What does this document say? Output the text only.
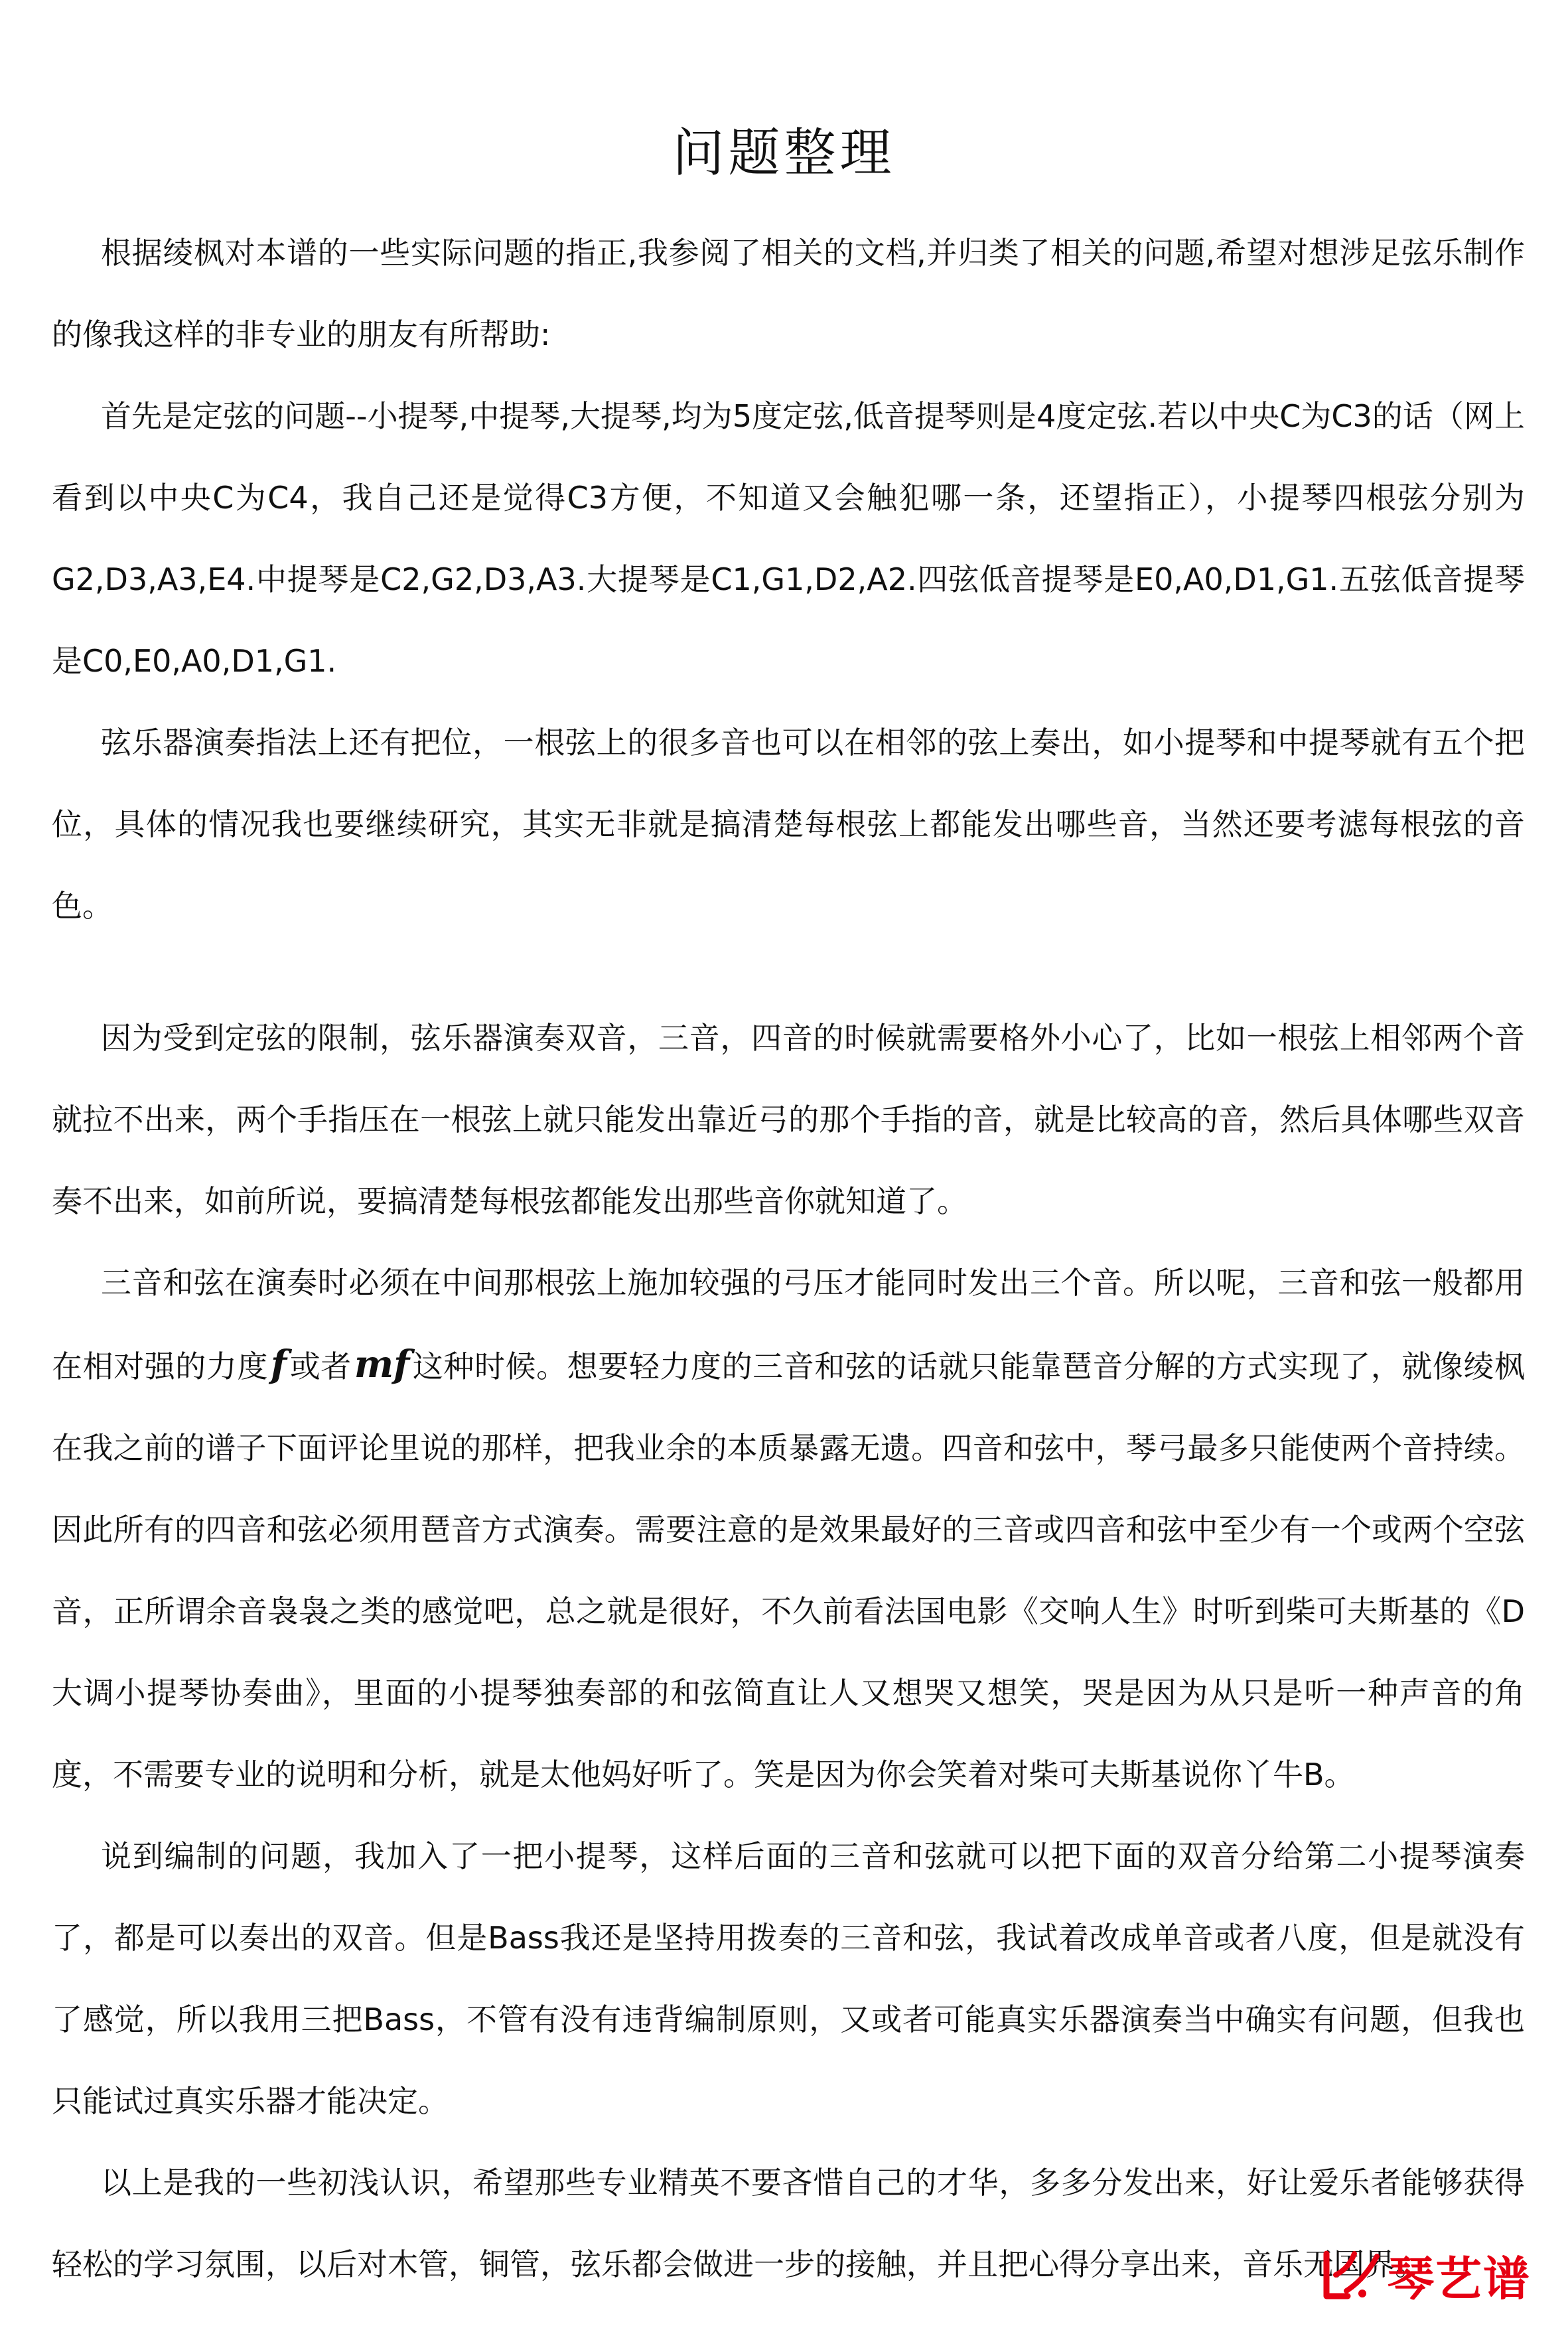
问题整理

根据绫枫对本谱的一些实际问题的指正,我参阅了相关的文档,并归类了相关的问题,希望对想涉足弦乐制作的像我这样的非专业的朋友有所帮助:

首先是定弦的问题--小提琴,中提琴,大提琴,均为5度定弦,低音提琴则是4度定弦.若以中央C为C3的话（网上看到以中央C为C4，我自己还是觉得C3方便，不知道又会触犯哪一条，还望指正），小提琴四根弦分别为G2,D3,A3,E4.中提琴是C2,G2,D3,A3.大提琴是C1,G1,D2,A2.四弦低音提琴是E0,A0,D1,G1.五弦低音提琴是C0,E0,A0,D1,G1.

弦乐器演奏指法上还有把位，一根弦上的很多音也可以在相邻的弦上奏出，如小提琴和中提琴就有五个把位，具体的情况我也要继续研究，其实无非就是搞清楚每根弦上都能发出哪些音，当然还要考滤每根弦的音色。

因为受到定弦的限制，弦乐器演奏双音，三音，四音的时候就需要格外小心了，比如一根弦上相邻两个音就拉不出来，两个手指压在一根弦上就只能发出靠近弓的那个手指的音，就是比较高的音，然后具体哪些双音奏不出来，如前所说，要搞清楚每根弦都能发出那些音你就知道了。

三音和弦在演奏时必须在中间那根弦上施加较强的弓压才能同时发出三个音。所以呢，三音和弦一般都用在相对强的力度f或者mf这种时候。想要轻力度的三音和弦的话就只能靠琶音分解的方式实现了，就像绫枫在我之前的谱子下面评论里说的那样，把我业余的本质暴露无遗。四音和弦中，琴弓最多只能使两个音持续。因此所有的四音和弦必须用琶音方式演奏。需要注意的是效果最好的三音或四音和弦中至少有一个或两个空弦音，正所谓余音袅袅之类的感觉吧，总之就是很好，不久前看法国电影《交响人生》时听到柴可夫斯基的《D大调小提琴协奏曲》，里面的小提琴独奏部的和弦简直让人又想哭又想笑，哭是因为从只是听一种声音的角度，不需要专业的说明和分析，就是太他妈好听了。笑是因为你会笑着对柴可夫斯基说你丫牛B。

说到编制的问题，我加入了一把小提琴，这样后面的三音和弦就可以把下面的双音分给第二小提琴演奏了，都是可以奏出的双音。但是Bass我还是坚持用拨奏的三音和弦，我试着改成单音或者八度，但是就没有了感觉，所以我用三把Bass，不管有没有违背编制原则，又或者可能真实乐器演奏当中确实有问题，但我也只能试过真实乐器才能决定。

以上是我的一些初浅认识，希望那些专业精英不要吝惜自己的才华，多多分发出来，好让爱乐者能够获得轻松的学习氛围，以后对木管，铜管，弦乐都会做进一步的接触，并且把心得分享出来，音乐无国界。

琴艺谱
